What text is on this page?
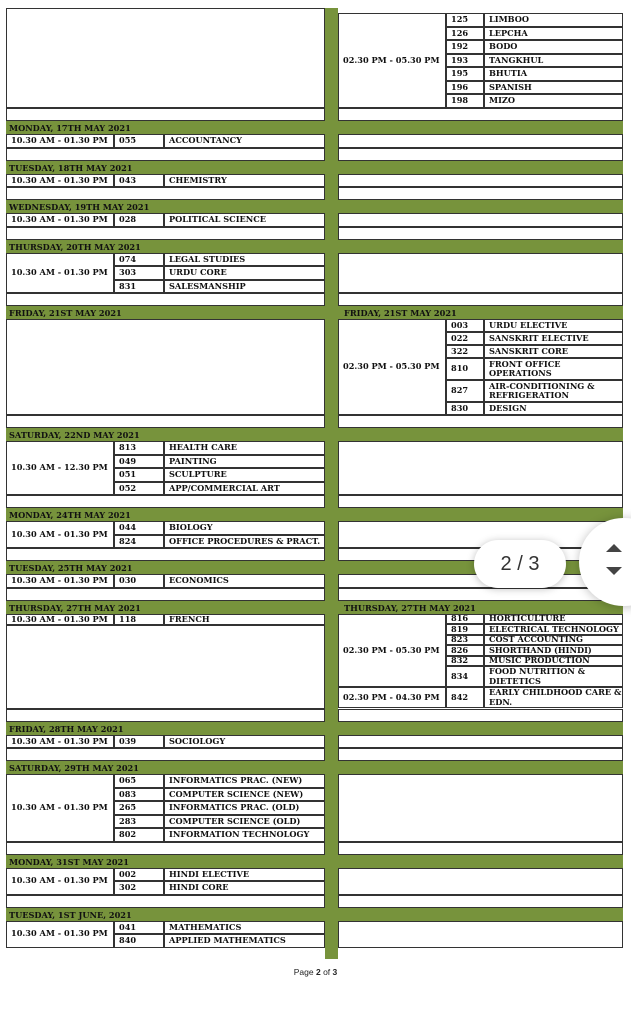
02.30 PM - 05.30 PM
125	LIMBOO
126	LEPCHA
192	BODO
193	TANGKHUL
195	BHUTIA
196	SPANISH
198	MIZO
MONDAY, 17TH MAY 2021
10.30 AM - 01.30 PM 055	ACCOUNTANCY
TUESDAY, 18TH MAY 2021
10.30 AM - 01.30 PM 043	CHEMISTRY
WEDNESDAY, 19TH MAY 2021
10.30 AM - 01.30 PM 028	POLITICAL SCIENCE
THURSDAY, 20TH MAY 2021
10.30 AM - 01.30 PM
074	LEGAL STUDIES
303	URDU CORE
831	SALESMANSHIP
FRIDAY, 21ST MAY 2021	FRIDAY, 21ST MAY 2021
02.30 PM - 05.30 PM
003	URDU ELECTIVE
022	SANSKRIT ELECTIVE
322	SANSKRIT CORE
810	FRONT OFFICE OPERATIONS
827	AIR-CONDITIONING & REFRIGERATION
830	DESIGN
SATURDAY, 22ND MAY 2021
10.30 AM - 12.30 PM
813	HEALTH CARE
049	PAINTING
051	SCULPTURE
052	APP/COMMERCIAL ART
MONDAY, 24TH MAY 2021
10.30 AM - 01.30 PM
044	BIOLOGY
824	OFFICE PROCEDURES & PRACT.
TUESDAY, 25TH MAY 2021
10.30 AM - 01.30 PM 030	ECONOMICS
THURSDAY, 27TH MAY 2021	THURSDAY, 27TH MAY 2021
10.30 AM - 01.30 PM 118	FRENCH
02.30 PM - 05.30 PM
816	HORTICULTURE
819	ELECTRICAL TECHNOLOGY
823	COST ACCOUNTING
826	SHORTHAND (HINDI)
832	MUSIC PRODUCTION
834	FOOD NUTRITION & DIETETICS
02.30 PM - 04.30 PM 842	EARLY CHILDHOOD CARE & EDN.
FRIDAY, 28TH MAY 2021
10.30 AM - 01.30 PM 039	SOCIOLOGY
SATURDAY, 29TH MAY 2021
10.30 AM - 01.30 PM
065	INFORMATICS PRAC. (NEW)
083	COMPUTER SCIENCE (NEW)
265	INFORMATICS PRAC. (OLD)
283	COMPUTER SCIENCE (OLD)
802	INFORMATION TECHNOLOGY
MONDAY, 31ST MAY 2021
10.30 AM - 01.30 PM
002	HINDI ELECTIVE
302	HINDI CORE
TUESDAY, 1ST JUNE, 2021
10.30 AM - 01.30 PM
041	MATHEMATICS
840	APPLIED MATHEMATICS
Page 2 of 3
2 / 3
